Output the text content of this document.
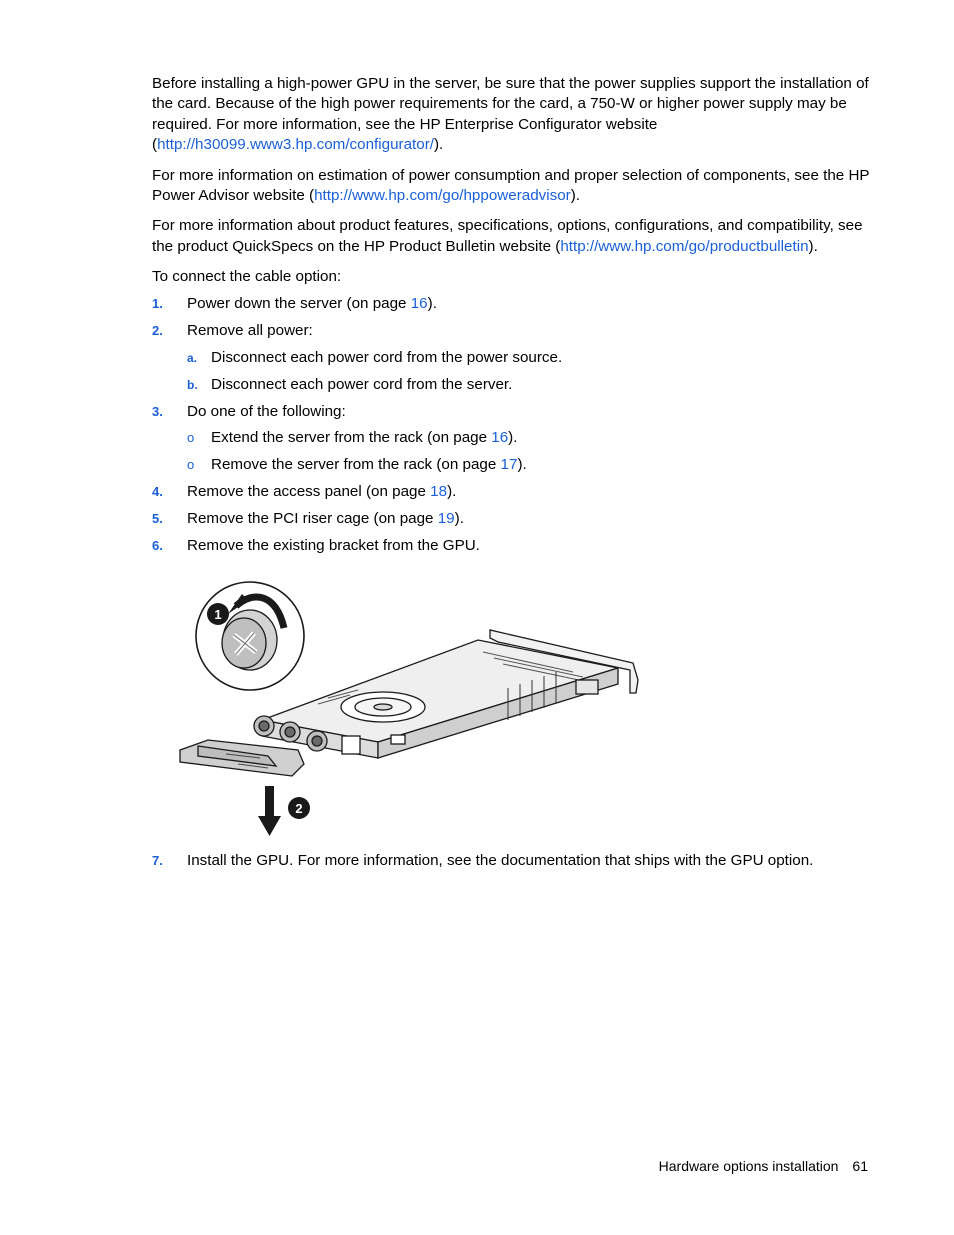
Before installing a high-power GPU in the server, be sure that the power supplies support the installation of the card. Because of the high power requirements for the card, a 750-W or higher power supply may be required. For more information, see the HP Enterprise Configurator website (http://h30099.www3.hp.com/configurator/).

For more information on estimation of power consumption and proper selection of components, see the HP Power Advisor website (http://www.hp.com/go/hppoweradvisor).

For more information about product features, specifications, options, configurations, and compatibility, see the product QuickSpecs on the HP Product Bulletin website (http://www.hp.com/go/productbulletin).

To connect the cable option:

1. Power down the server (on page 16).
2. Remove all power:
a. Disconnect each power cord from the power source.
b. Disconnect each power cord from the server.
3. Do one of the following:
o Extend the server from the rack (on page 16).
o Remove the server from the rack (on page 17).
4. Remove the access panel (on page 18).
5. Remove the PCI riser cage (on page 19).
6. Remove the existing bracket from the GPU.
1
2
7. Install the GPU. For more information, see the documentation that ships with the GPU option.
Hardware options installation 61
